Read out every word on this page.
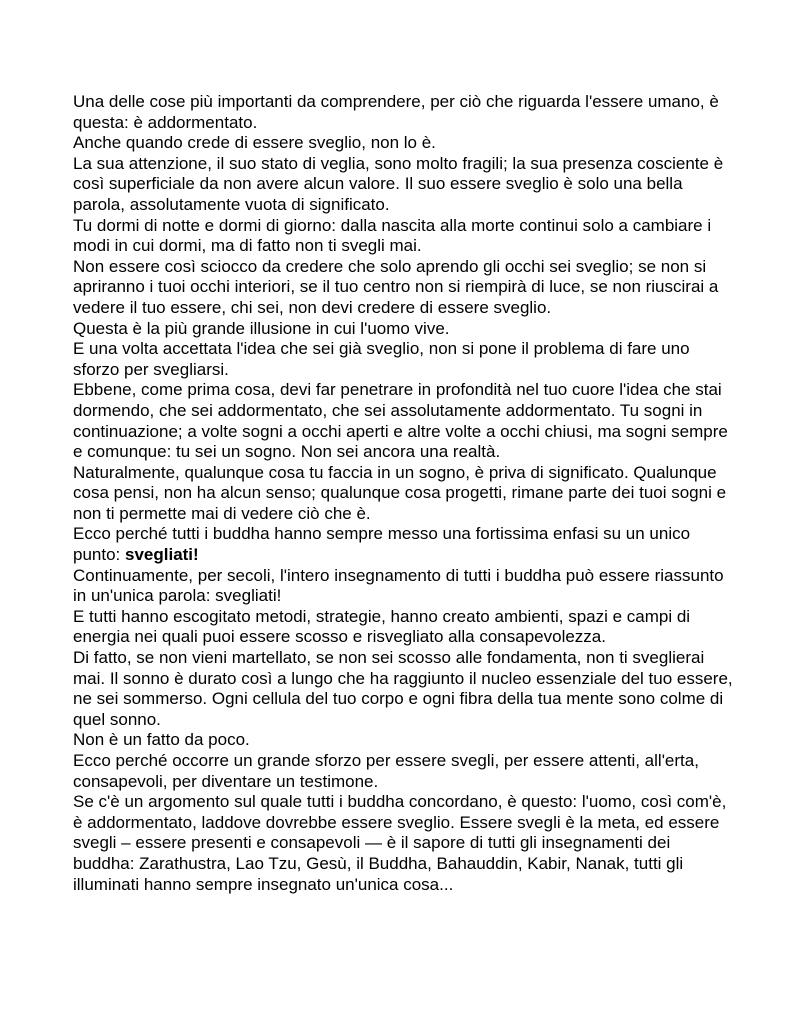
Una delle cose più importanti da comprendere, per ciò che riguarda l'essere umano, è questa: è addormentato.

Anche quando crede di essere sveglio, non lo è.

La sua attenzione, il suo stato di veglia, sono molto fragili; la sua presenza cosciente è così superficiale da non avere alcun valore. Il suo essere sveglio è solo una bella parola, assolutamente vuota di significato.

Tu dormi di notte e dormi di giorno: dalla nascita alla morte continui solo a cambiare i modi in cui dormi, ma di fatto non ti svegli mai.

Non essere così sciocco da credere che solo aprendo gli occhi sei sveglio; se non si apriranno i tuoi occhi interiori, se il tuo centro non si riempirà di luce, se non riuscirai a vedere il tuo essere, chi sei, non devi credere di essere sveglio.

Questa è la più grande illusione in cui l'uomo vive.

E una volta accettata l'idea che sei già sveglio, non si pone il problema di fare uno sforzo per svegliarsi.

Ebbene, come prima cosa, devi far penetrare in profondità nel tuo cuore l'idea che stai dormendo, che sei addormentato, che sei assolutamente addormentato. Tu sogni in continuazione; a volte sogni a occhi aperti e altre volte a occhi chiusi, ma sogni sempre e comunque: tu sei un sogno. Non sei ancora una realtà.

Naturalmente, qualunque cosa tu faccia in un sogno, è priva di significato. Qualunque cosa pensi, non ha alcun senso; qualunque cosa progetti, rimane parte dei tuoi sogni e non ti permette mai di vedere ciò che è.

Ecco perché tutti i buddha hanno sempre messo una fortissima enfasi su un unico punto: svegliati!

Continuamente, per secoli, l'intero insegnamento di tutti i buddha può essere riassunto in un'unica parola: svegliati!

E tutti hanno escogitato metodi, strategie, hanno creato ambienti, spazi e campi di energia nei quali puoi essere scosso e risvegliato alla consapevolezza.

Di fatto, se non vieni martellato, se non sei scosso alle fondamenta, non ti sveglierai mai. Il sonno è durato così a lungo che ha raggiunto il nucleo essenziale del tuo essere, ne sei sommerso. Ogni cellula del tuo corpo e ogni fibra della tua mente sono colme di quel sonno.

Non è un fatto da poco.

Ecco perché occorre un grande sforzo per essere svegli, per essere attenti, all'erta, consapevoli, per diventare un testimone.

Se c'è un argomento sul quale tutti i buddha concordano, è questo: l'uomo, così com'è, è addormentato, laddove dovrebbe essere sveglio. Essere svegli è la meta, ed essere svegli – essere presenti e consapevoli — è il sapore di tutti gli insegnamenti dei buddha: Zarathustra, Lao Tzu, Gesù, il Buddha, Bahauddin, Kabir, Nanak, tutti gli illuminati hanno sempre insegnato un'unica cosa...
